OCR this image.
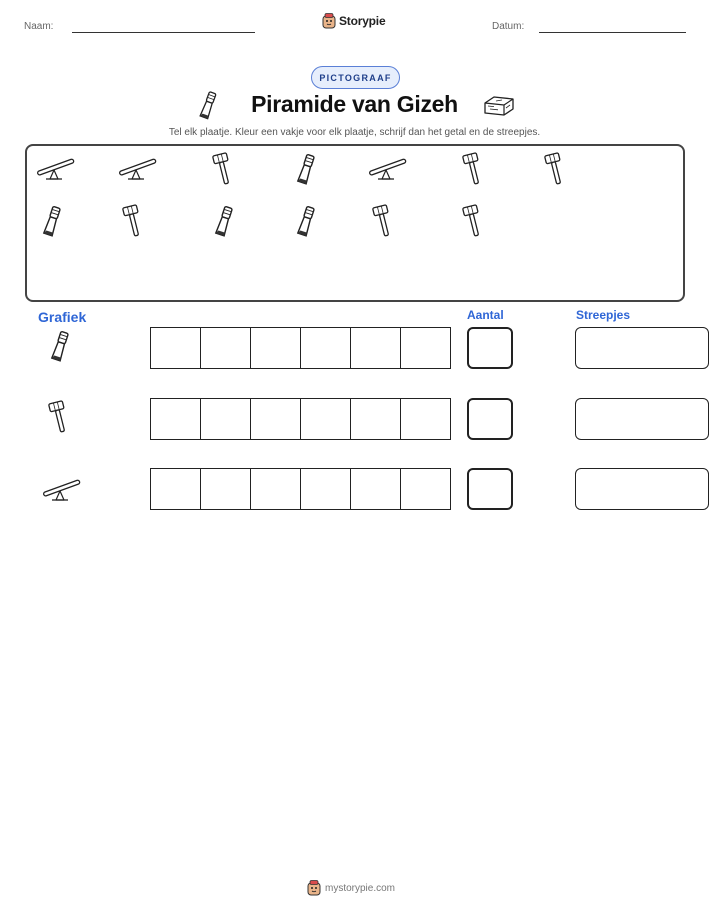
Naam:	Storypie	Datum:
PICTOGRAAF
Piramide van Gizeh
Tel elk plaatje. Kleur een vakje voor elk plaatje, schrijf dan het getal en de streepjes.
Grafiek	Aantal	Streepjes
mystorypie.com
